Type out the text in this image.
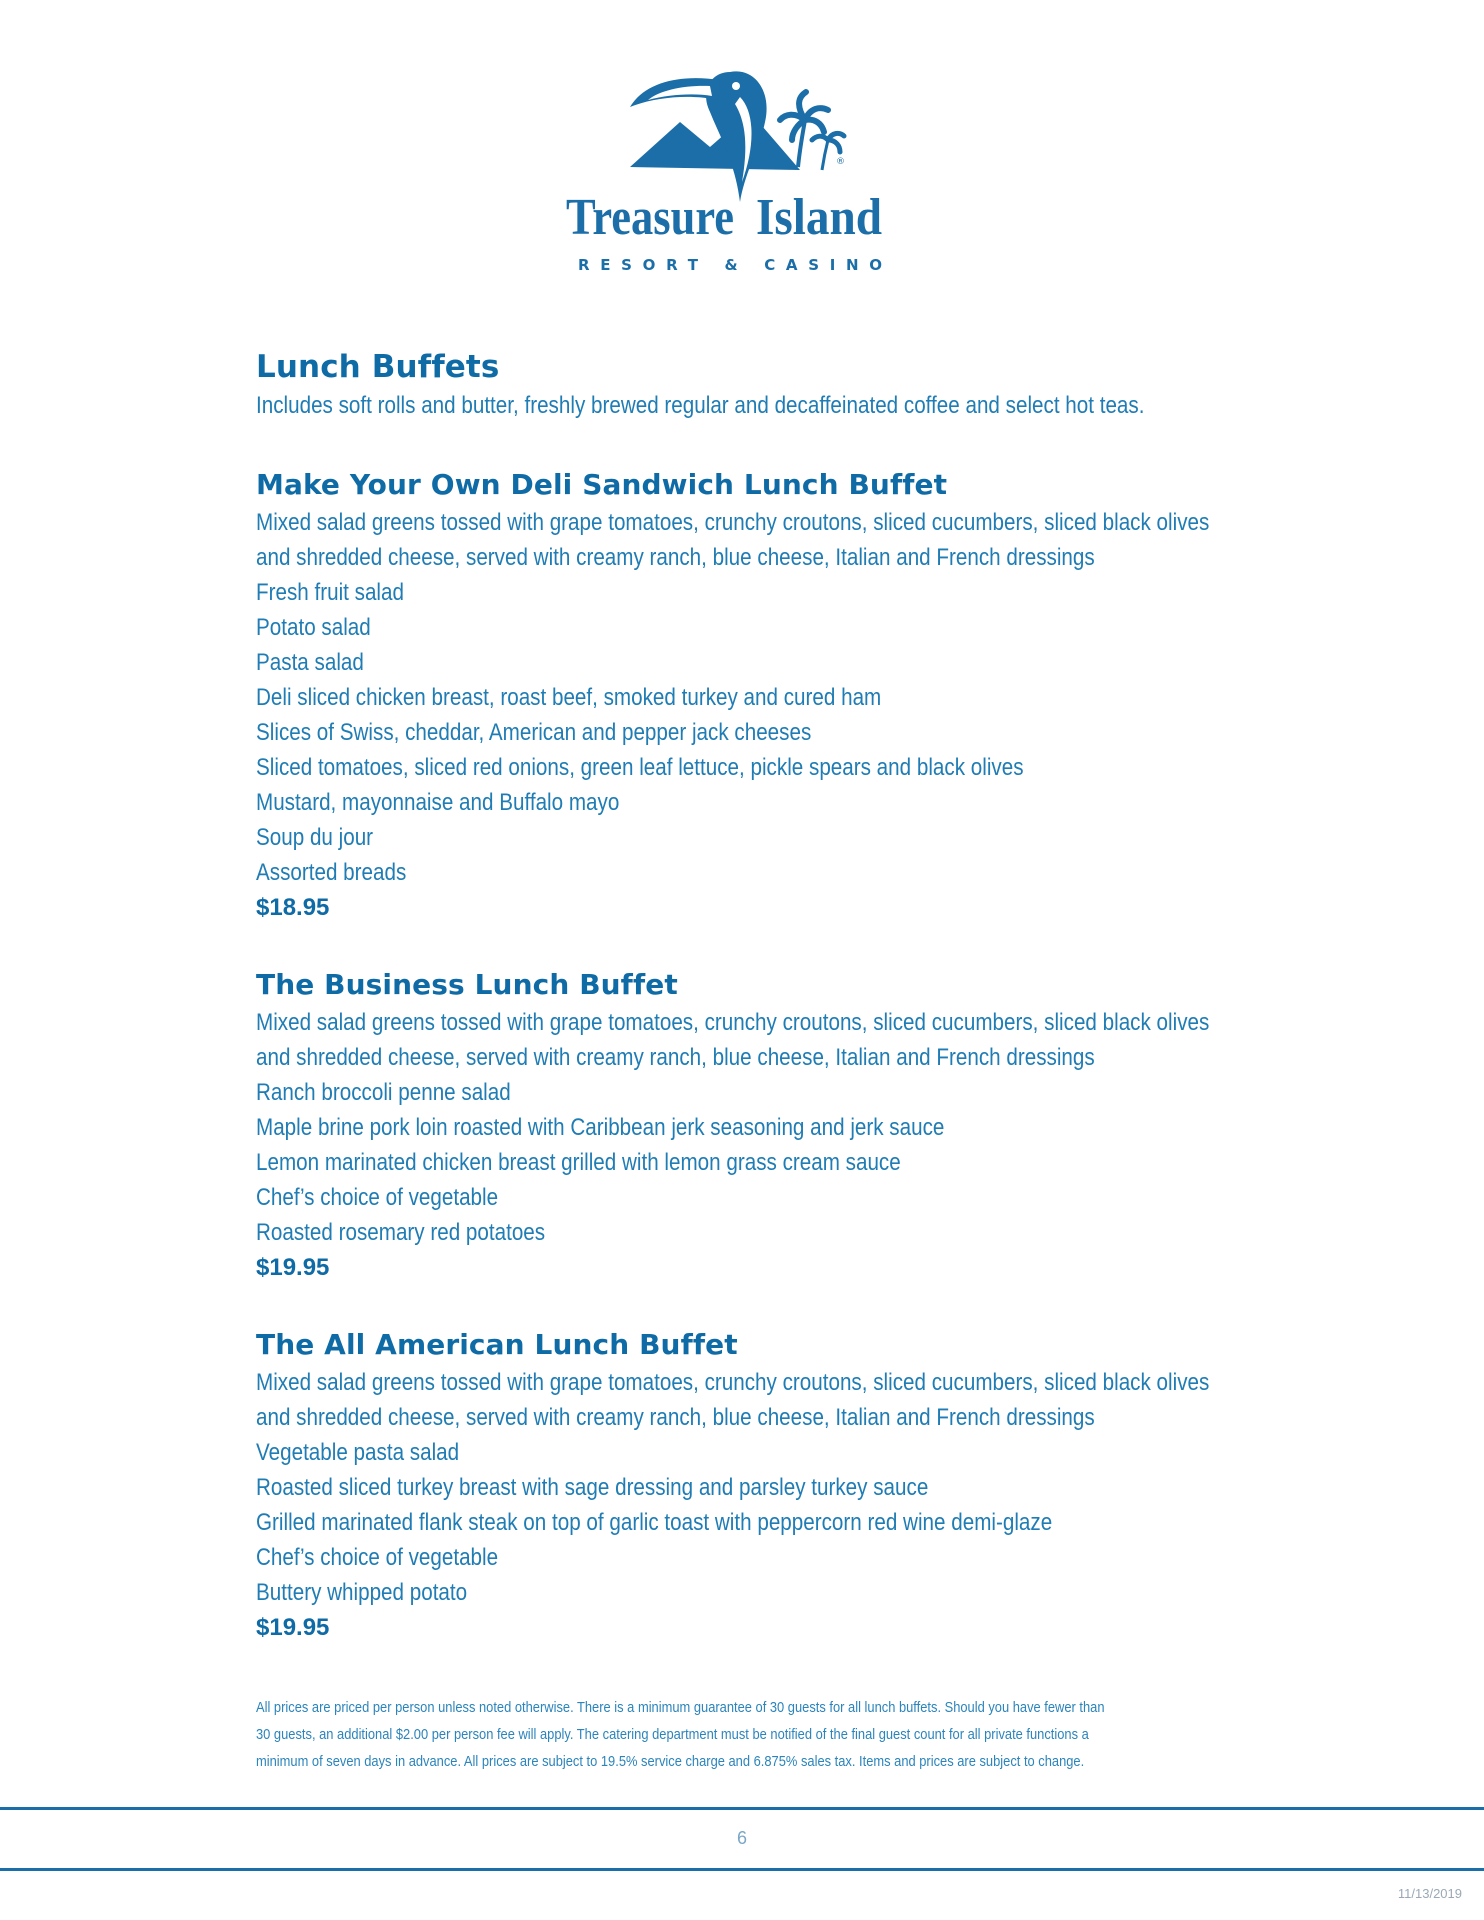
®
Treasure Island
RESORT & CASINO
Lunch Buffets
Includes soft rolls and butter, freshly brewed regular and decaffeinated coffee and select hot teas.
Make Your Own Deli Sandwich Lunch Buffet
Mixed salad greens tossed with grape tomatoes, crunchy croutons, sliced cucumbers, sliced black olives
and shredded cheese, served with creamy ranch, blue cheese, Italian and French dressings
Fresh fruit salad
Potato salad
Pasta salad
Deli sliced chicken breast, roast beef, smoked turkey and cured ham
Slices of Swiss, cheddar, American and pepper jack cheeses
Sliced tomatoes, sliced red onions, green leaf lettuce, pickle spears and black olives
Mustard, mayonnaise and Buffalo mayo
Soup du jour
Assorted breads
$18.95
The Business Lunch Buffet
Mixed salad greens tossed with grape tomatoes, crunchy croutons, sliced cucumbers, sliced black olives
and shredded cheese, served with creamy ranch, blue cheese, Italian and French dressings
Ranch broccoli penne salad
Maple brine pork loin roasted with Caribbean jerk seasoning and jerk sauce
Lemon marinated chicken breast grilled with lemon grass cream sauce
Chef’s choice of vegetable
Roasted rosemary red potatoes
$19.95
The All American Lunch Buffet
Mixed salad greens tossed with grape tomatoes, crunchy croutons, sliced cucumbers, sliced black olives
and shredded cheese, served with creamy ranch, blue cheese, Italian and French dressings
Vegetable pasta salad
Roasted sliced turkey breast with sage dressing and parsley turkey sauce
Grilled marinated flank steak on top of garlic toast with peppercorn red wine demi-glaze
Chef’s choice of vegetable
Buttery whipped potato
$19.95
All prices are priced per person unless noted otherwise. There is a minimum guarantee of 30 guests for all lunch buffets. Should you have fewer than
30 guests, an additional $2.00 per person fee will apply. The catering department must be notified of the final guest count for all private functions a
minimum of seven days in advance. All prices are subject to 19.5% service charge and 6.875% sales tax. Items and prices are subject to change.
6
11/13/2019
